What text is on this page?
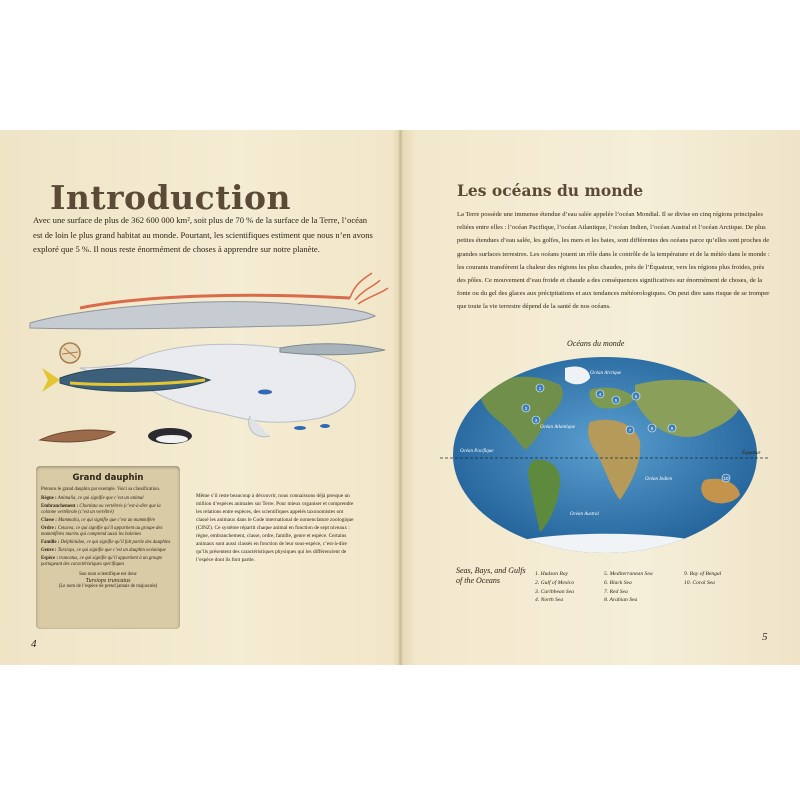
Introduction
Avec une surface de plus de 362 600 000 km², soit plus de 70 % de la surface de la Terre, l’océan est de loin le plus grand habitat au monde. Pourtant, les scientifiques estiment que nous n’en avons exploré que 5 %. Il nous reste énormément de choses à apprendre sur notre planète.
Grand dauphin
Prenons le grand dauphin par exemple. Voici sa classification.
Règne : Animalia, ce qui signifie que c’est un animal
Embranchement : Chordata ou vertébrés (c’est-à-dire que la colonne vertébrale (c’est un vertébré)
Classe : Mammalia, ce qui signifie que c’est un mammifère
Ordre : Cetacea, ce qui signifie qu’il appartient au groupe des mammifères marins qui comprend aussi les baleines
Famille : Delphinidae, ce qui signifie qu’il fait partie des dauphins
Genre : Tursiops, ce qui signifie que c’est un dauphin océanique
Espèce : truncatus, ce qui signifie qu’il appartient à un groupe partageant des caractéristiques spécifiques
Son nom scientifique est donc
Tursiops truncatus
(Le nom de l’espèce ne prend jamais de majuscule)
Même s’il reste beaucoup à découvrir, nous connaissons déjà presque un million d’espèces animales sur Terre. Pour mieux organiser et comprendre les relations entre espèces, des scientifiques appelés taxonomistes ont classé les animaux dans le Code international de nomenclature zoologique (CINZ). Ce système répartit chaque animal en fonction de sept niveaux : règne, embranchement, classe, ordre, famille, genre et espèce. Certains animaux sont aussi classés en fonction de leur sous-espèce, c’est-à-dire qu’ils présentent des caractéristiques physiques qui les différencient de l’espèce dont ils font partie.
4
Les océans du monde
La Terre possède une immense étendue d’eau salée appelée l’océan Mondial. Il se divise en cinq régions principales reliées entre elles : l’océan Pacifique, l’océan Atlantique, l’océan Indien, l’océan Austral et l’océan Arctique. De plus petites étendues d’eau salée, les golfes, les mers et les baies, sont différentes des océans parce qu’elles sont proches de grandes surfaces terrestres. Les océans jouent un rôle dans le contrôle de la température et de la météo dans le monde : les courants transfèrent la chaleur des régions les plus chaudes, près de l’Équateur, vers les régions plus froides, près des pôles. Ce mouvement d’eau froide et chaude a des conséquences significatives sur énormément de choses, de la fonte ou du gel des glaces aux précipitations et aux tendances météorologiques. On peut dire sans risque de se tromper que toute la vie terrestre dépend de la santé de nos océans.
Océans du monde
Océan Arctique
Océan Atlantique
Océan Pacifique
Océan Indien
Océan Austral
Équateur
1
2
3
4
5
6
7	8	9
10
Seas, Bays, and Gulfs of the Oceans
1. Hudson Bay
2. Gulf of Mexico
3. Caribbean Sea
4. North Sea
5. Mediterranean Sea
6. Black Sea
7. Red Sea
8. Arabian Sea
9. Bay of Bengal
10. Coral Sea
5
